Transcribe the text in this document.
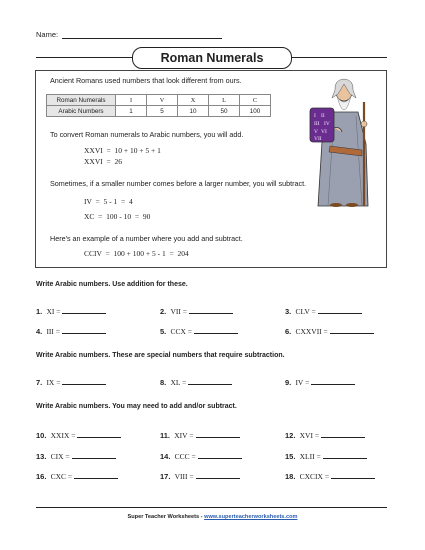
Name:
Roman Numerals
Ancient Romans used numbers that look different from ours.
Roman Numerals	I	V	X	L	C
Arabic Numbers	1	5	10	50	100
To convert Roman numerals to Arabic numbers, you will add.
XXVI  =  10 + 10 + 5 + 1
XXVI  =  26
Sometimes, if a smaller number comes before a larger number, you will subtract.
IV  =  5 - 1  =  4
XC  =  100 - 10  =  90
Here's an example of a number where you add and subtract.
CCIV  =  100 + 100 + 5 - 1  =  204
I II
III IV
V VI
VII
Write Arabic numbers. Use addition for these.
1. XI =	2. VII =	3. CLV =
4. III =	5. CCX =	6. CXXVII =
Write Arabic numbers. These are special numbers that require subtraction.
7. IX =	8. XL =	9. IV =
Write Arabic numbers. You may need to add and/or subtract.
10. XXIX =	11. XIV =	12. XVI =
13. CIX =	14. CCC =	15. XLII =
16. CXC =	17. VIII =	18. CXCIX =
Super Teacher Worksheets - www.superteacherworksheets.com
